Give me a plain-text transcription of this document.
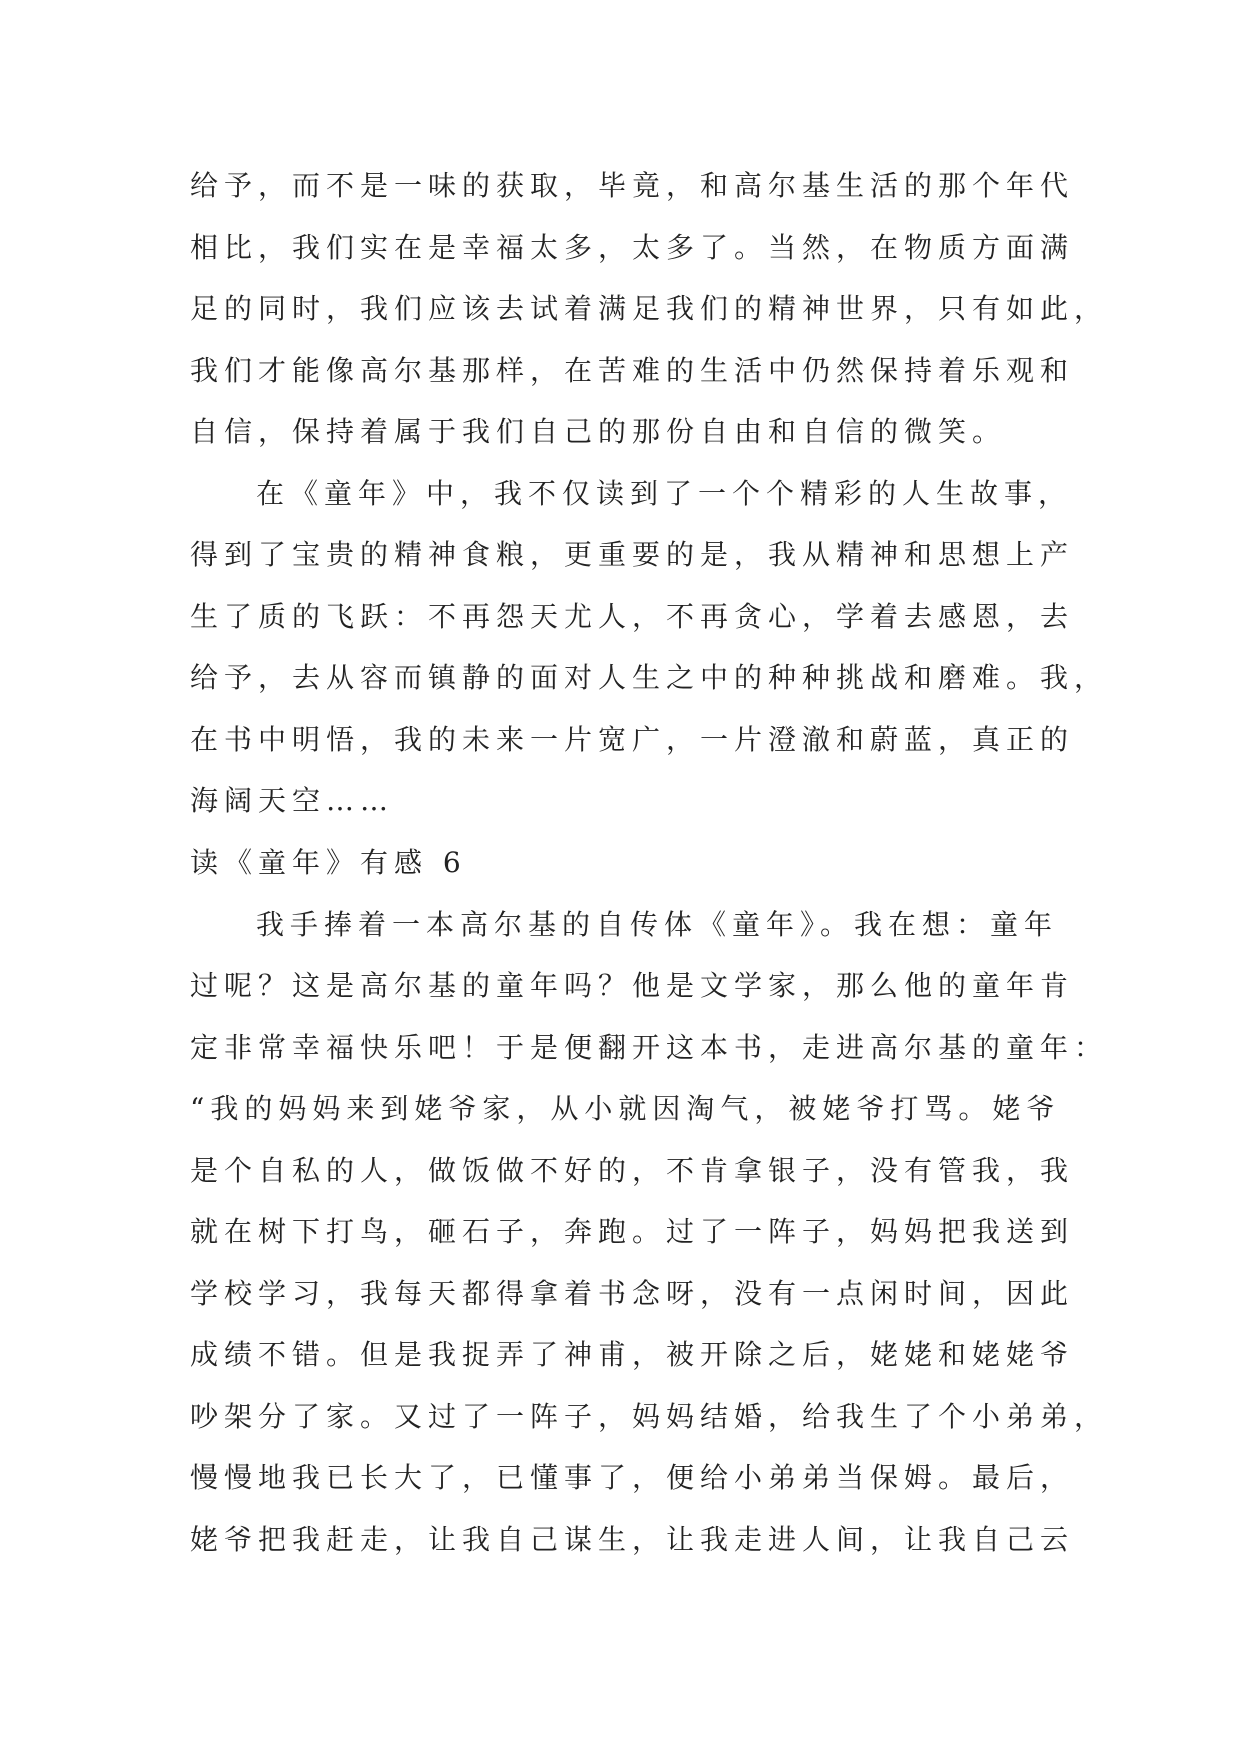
给予，而不是一味的获取，毕竟，和高尔基生活的那个年代
相比，我们实在是幸福太多，太多了。当然，在物质方面满
足的同时，我们应该去试着满足我们的精神世界，只有如此，
我们才能像高尔基那样，在苦难的生活中仍然保持着乐观和
自信，保持着属于我们自己的那份自由和自信的微笑。
在《童年》中，我不仅读到了一个个精彩的人生故事，
得到了宝贵的精神食粮，更重要的是，我从精神和思想上产
生了质的飞跃：不再怨天尤人，不再贪心，学着去感恩，去
给予，去从容而镇静的面对人生之中的种种挑战和磨难。我，
在书中明悟，我的未来一片宽广，一片澄澈和蔚蓝，真正的
海阔天空……
读《童年》有感 6
我手捧着一本高尔基的自传体《童年》。我在想：童年
过呢？这是高尔基的童年吗？他是文学家，那么他的童年肯
定非常幸福快乐吧！于是便翻开这本书，走进高尔基的童年：
“我的妈妈来到姥爷家，从小就因淘气，被姥爷打骂。姥爷
是个自私的人，做饭做不好的，不肯拿银子，没有管我，我
就在树下打鸟，砸石子，奔跑。过了一阵子，妈妈把我送到
学校学习，我每天都得拿着书念呀，没有一点闲时间，因此
成绩不错。但是我捉弄了神甫，被开除之后，姥姥和姥姥爷
吵架分了家。又过了一阵子，妈妈结婚，给我生了个小弟弟，
慢慢地我已长大了，已懂事了，便给小弟弟当保姆。最后，
姥爷把我赶走，让我自己谋生，让我走进人间，让我自己云
